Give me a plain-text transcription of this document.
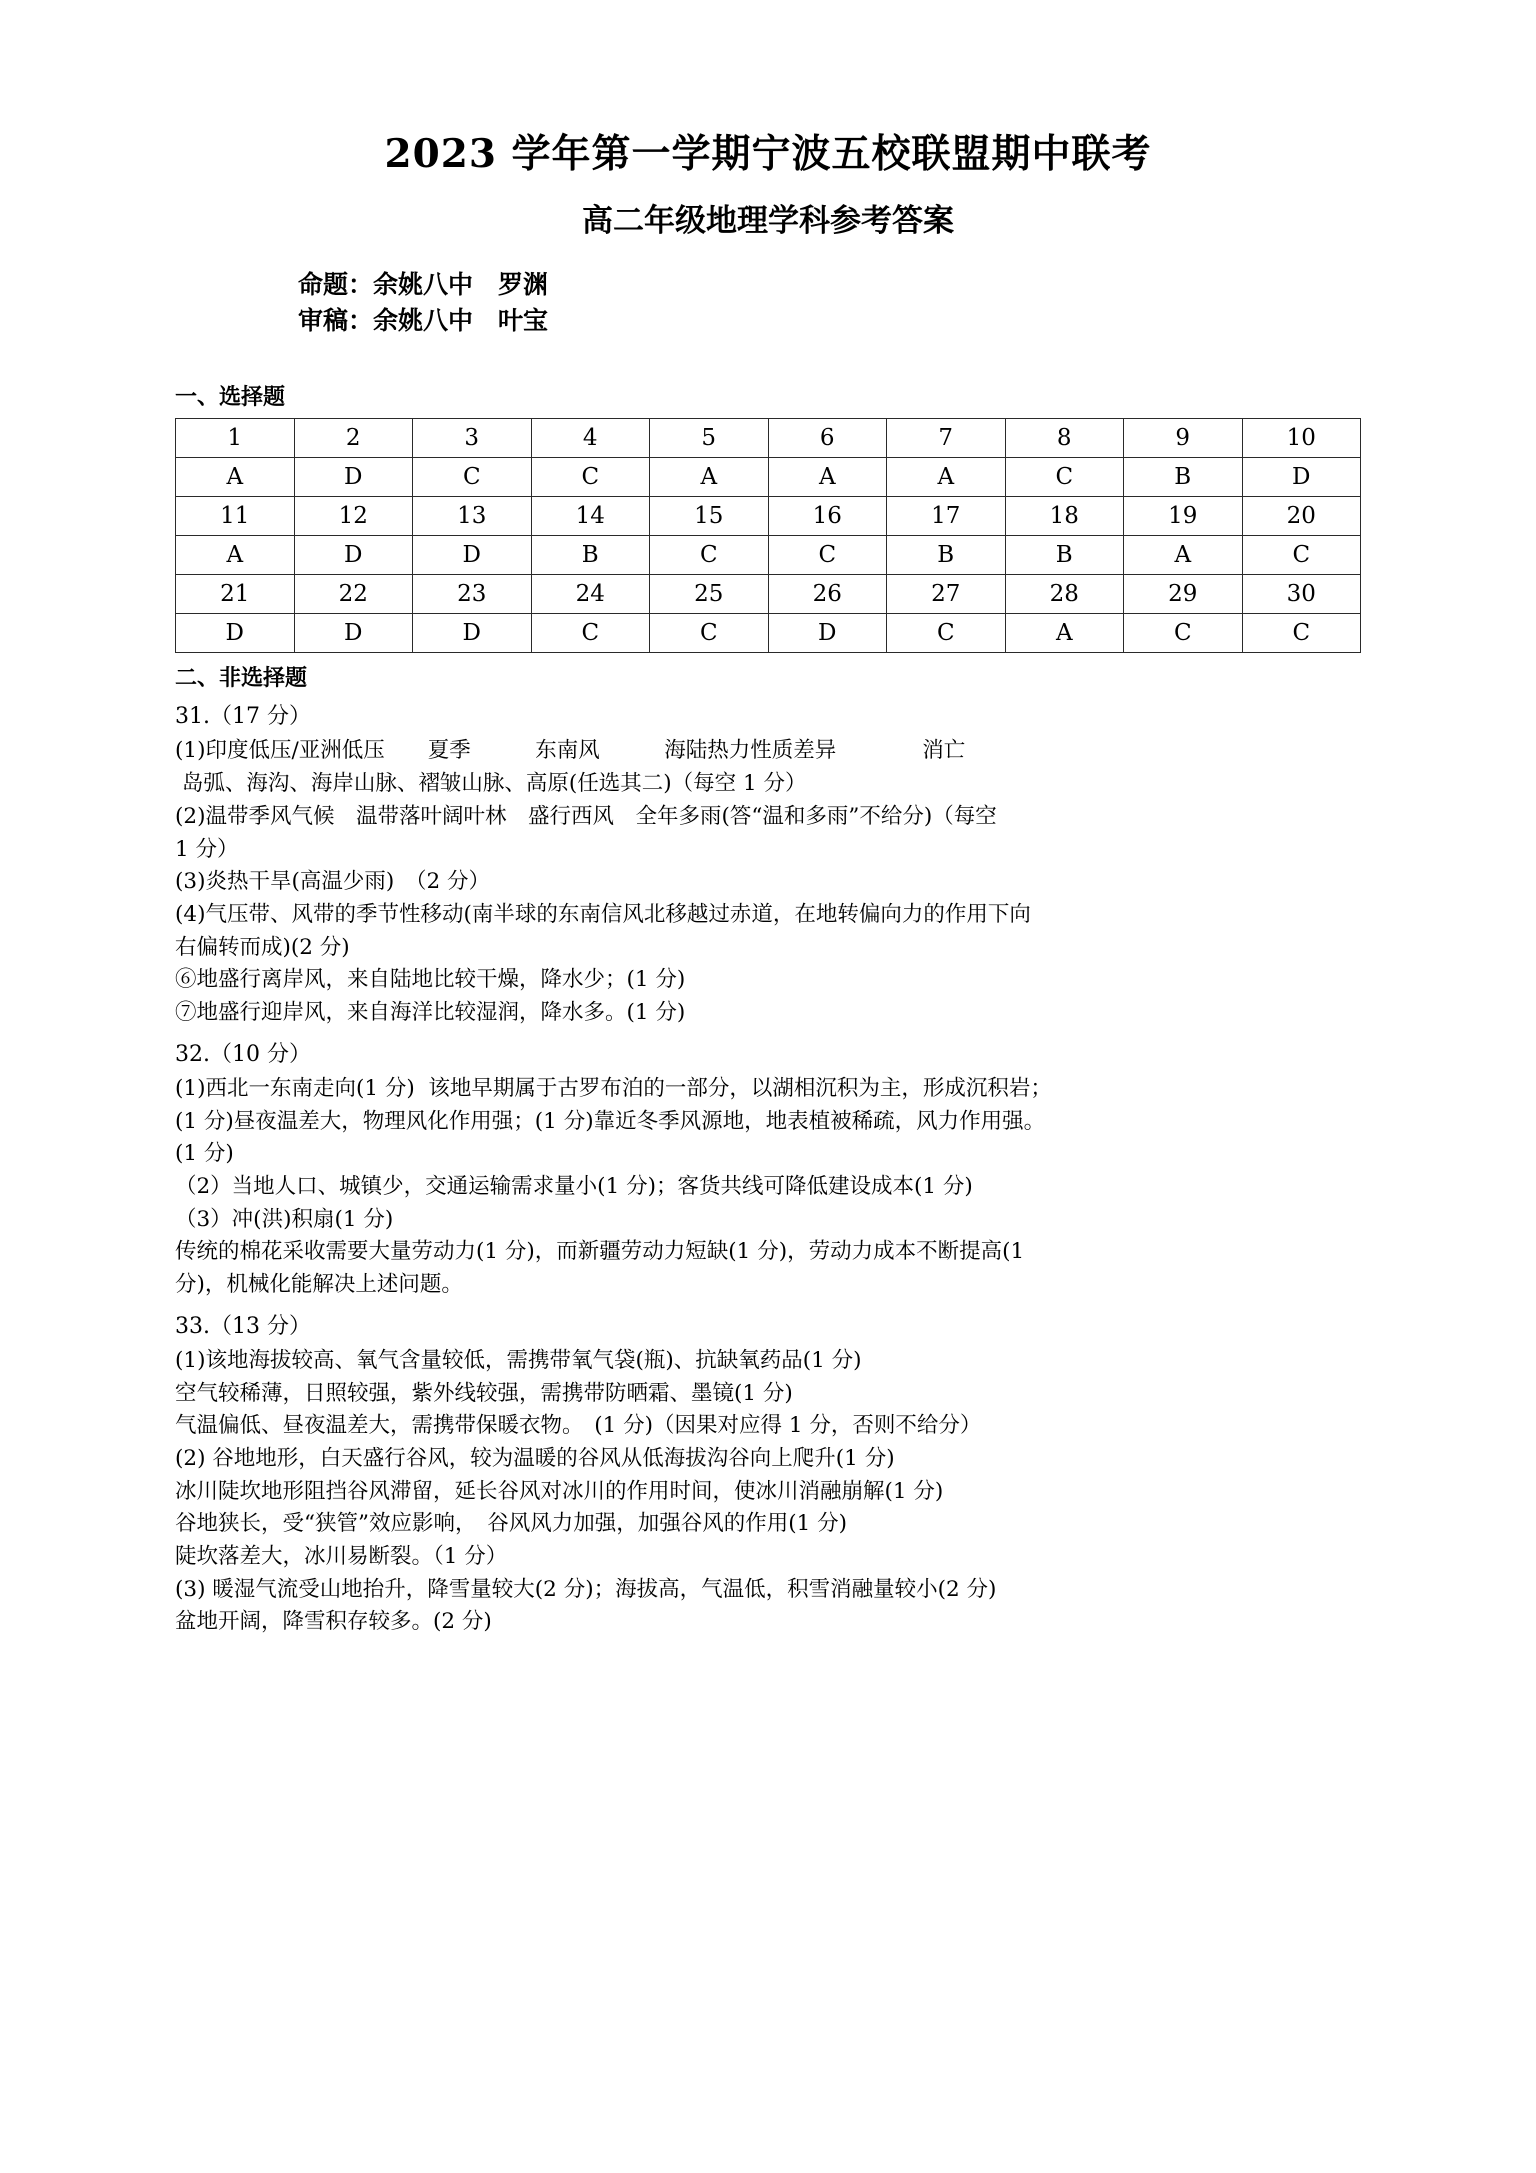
2023 学年第一学期宁波五校联盟期中联考
高二年级地理学科参考答案
命题：余姚八中　罗渊
审稿：余姚八中　叶宝
一、选择题
1	2	3	4	5	6	7	8	9	10
A	D	C	C	A	A	A	C	B	D
11	12	13	14	15	16	17	18	19	20
A	D	D	B	C	C	B	B	A	C
21	22	23	24	25	26	27	28	29	30
D	D	D	C	C	D	C	A	C	C
二、非选择题
31.（17 分）
(1)印度低压/亚洲低压　　夏季　　　东南风　　　海陆热力性质差异　　　　消亡
岛弧、海沟、海岸山脉、褶皱山脉、高原(任选其二)（每空 1 分）
(2)温带季风气候　温带落叶阔叶林　盛行西风　全年多雨(答“温和多雨”不给分)（每空
1 分）
(3)炎热干旱(高温少雨)　（2 分）
(4)气压带、风带的季节性移动(南半球的东南信风北移越过赤道，在地转偏向力的作用下向
右偏转而成)(2 分)
⑥地盛行离岸风，来自陆地比较干燥，降水少；(1 分)
⑦地盛行迎岸风，来自海洋比较湿润，降水多。(1 分)
32.（10 分）
(1)西北一东南走向(1 分)  该地早期属于古罗布泊的一部分，以湖相沉积为主，形成沉积岩；
(1 分)昼夜温差大，物理风化作用强；(1 分)靠近冬季风源地，地表植被稀疏，风力作用强。
(1 分)
（2）当地人口、城镇少，交通运输需求量小(1 分)；客货共线可降低建设成本(1 分)
（3）冲(洪)积扇(1 分)
传统的棉花采收需要大量劳动力(1 分)，而新疆劳动力短缺(1 分)，劳动力成本不断提高(1
分)，机械化能解决上述问题。
33.（13 分）
(1)该地海拔较高、氧气含量较低，需携带氧气袋(瓶)、抗缺氧药品(1 分)
空气较稀薄，日照较强，紫外线较强，需携带防晒霜、墨镜(1 分)
气温偏低、昼夜温差大，需携带保暖衣物。　(1 分)（因果对应得 1 分，否则不给分）
(2) 谷地地形，白天盛行谷风，较为温暖的谷风从低海拔沟谷向上爬升(1 分)
冰川陡坎地形阻挡谷风滞留，延长谷风对冰川的作用时间，使冰川消融崩解(1 分)
谷地狭长，受“狭管”效应影响，　谷风风力加强，加强谷风的作用(1 分)
陡坎落差大，冰川易断裂。（1 分）
(3) 暖湿气流受山地抬升，降雪量较大(2 分)；海拔高，气温低，积雪消融量较小(2 分)
盆地开阔，降雪积存较多。(2 分)
